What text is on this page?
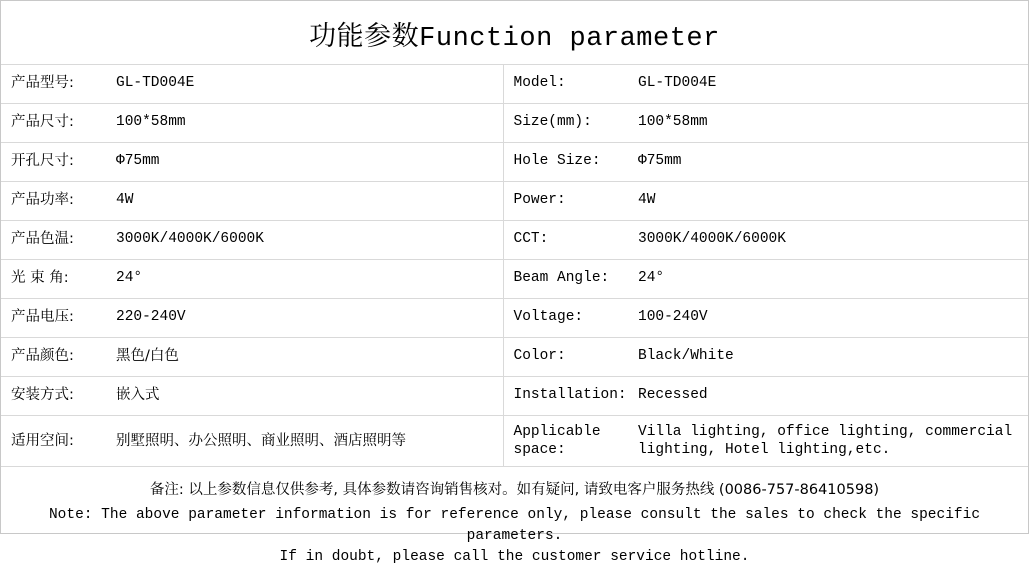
功能参数Function parameter
产品型号:	GL-TD004E	Model:	GL-TD004E

产品尺寸:	100*58mm	Size(mm):	100*58mm

开孔尺寸:	Φ75mm	Hole Size:	Φ75mm

产品功率:	4W	Power:	4W

产品色温:	3000K/4000K/6000K	CCT:	3000K/4000K/6000K

光 束 角:	24°	Beam Angle:	24°

产品电压:	220-240V	Voltage:	100-240V

产品颜色:	黑色/白色	Color:	Black/White

安装方式:	嵌入式	Installation:	Recessed

适用空间:	别墅照明、办公照明、商业照明、酒店照明等	Applicable space:	Villa lighting, office lighting, commercial lighting, Hotel lighting,etc.
备注: 以上参数信息仅供参考, 具体参数请咨询销售核对。如有疑问, 请致电客户服务热线 (0086-757-86410598)
Note: The above parameter information is for reference only, please consult the sales to check the specific parameters.
If in doubt, please call the customer service hotline.
